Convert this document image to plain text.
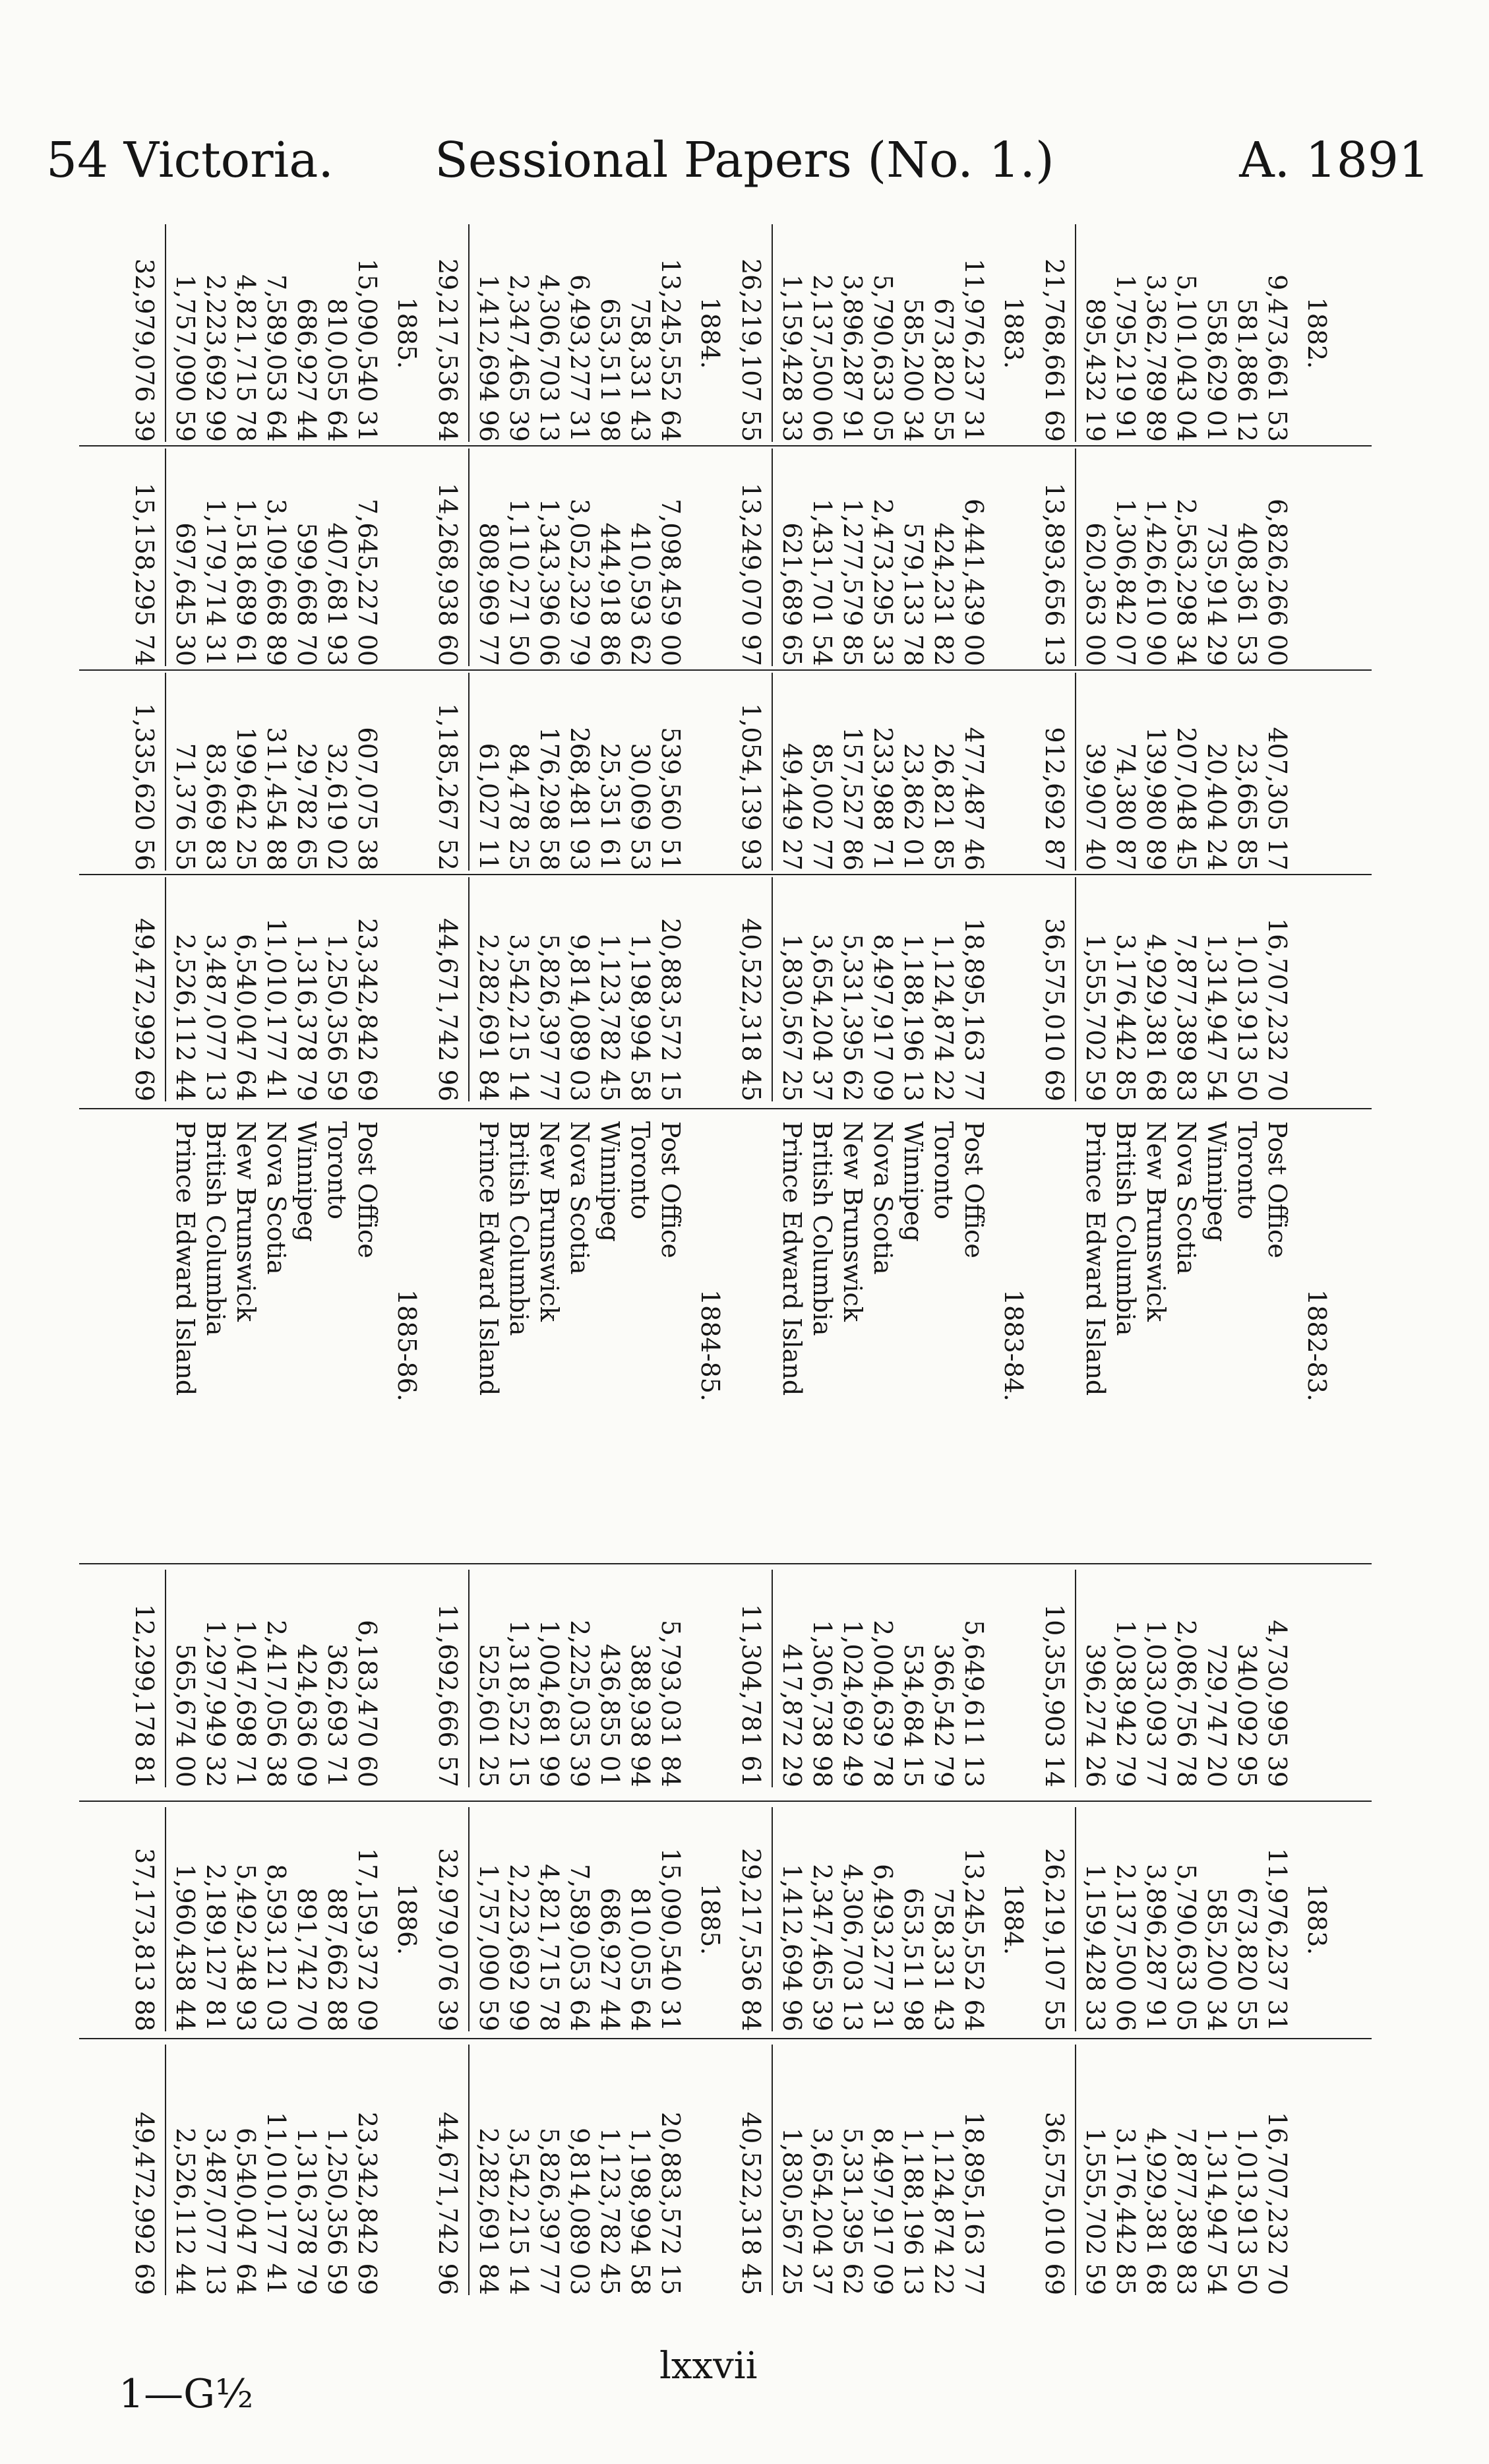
54 Victoria.	Sessional Papers (No. 1.)	A. 1891
1882.
9,473,661 53
581,886 12
558,629 01
5,101,043 04
3,362,789 89
1,795,219 91
895,432 19
21,768,661 69
6,826,266 00
408,361 53
735,914 29
2,563,298 34
1,426,610 90
1,306,842 07
620,363 00
13,893,656 13
407,305 17
23,665 85
20,404 24
207,048 45
139,980 89
74,380 87
39,907 40
912,692 87
16,707,232 70
1,013,913 50
1,314,947 54
7,877,389 83
4,929,381 68
3,176,442 85
1,555,702 59
36,575,010 69
1883.
11,976,237 31
673,820 55
585,200 34
5,790,633 05
3,896,287 91
2,137,500 06
1,159,428 33
26,219,107 55
6,441,439 00
424,231 82
579,133 78
2,473,295 33
1,277,579 85
1,431,701 54
621,689 65
13,249,070 97
477,487 46
26,821 85
23,862 01
233,988 71
157,527 86
85,002 77
49,449 27
1,054,139 93
18,895,163 77
1,124,874 22
1,188,196 13
8,497,917 09
5,331,395 62
3,654,204 37
1,830,567 25
40,522,318 45
1884.
13,245,552 64
758,331 43
653,511 98
6,493,277 31
4,306,703 13
2,347,465 39
1,412,694 96
29,217,536 84
7,098,459 00
410,593 62
444,918 86
3,052,329 79
1,343,396 06
1,110,271 50
808,969 77
14,268,938 60
539,560 51
30,069 53
25,351 61
268,481 93
176,298 58
84,478 25
61,027 11
1,185,267 52
20,883,572 15
1,198,994 58
1,123,782 45
9,814,089 03
5,826,397 77
3,542,215 14
2,282,691 84
44,671,742 96
1885.
15,090,540 31
810,055 64
686,927 44
7,589,053 64
4,821,715 78
2,223,692 99
1,757,090 59
32,979,076 39
7,645,227 00
407,681 93
599,668 70
3,109,668 89
1,518,689 61
1,179,714 31
697,645 30
15,158,295 74
607,075 38
32,619 02
29,782 65
311,454 88
199,642 25
83,669 83
71,376 55
1,335,620 56
23,342,842 69
1,250,356 59
1,316,378 79
11,010,177 41
6,540,047 64
3,487,077 13
2,526,112 44
49,472,992 69
1882-83.
1883.
Post Office
Toronto
Winnipeg
Nova Scotia
New Brunswick
British Columbia
Prince Edward Island
4,730,995 39
340,092 95
729,747 20
2,086,756 78
1,033,093 77
1,038,942 79
396,274 26
10,355,903 14
11,976,237 31
673,820 55
585,200 34
5,790,633 05
3,896,287 91
2,137,500 06
1,159,428 33
26,219,107 55
16,707,232 70
1,013,913 50
1,314,947 54
7,877,389 83
4,929,381 68
3,176,442 85
1,555,702 59
36,575,010 69
1883-84.
1884.
Post Office
Toronto
Winnipeg
Nova Scotia
New Brunswick
British Columbia
Prince Edward Island
5,649,611 13
366,542 79
534,684 15
2,004,639 78
1,024,692 49
1,306,738 98
417,872 29
11,304,781 61
13,245,552 64
758,331 43
653,511 98
6,493,277 31
4,306,703 13
2,347,465 39
1,412,694 96
29,217,536 84
18,895,163 77
1,124,874 22
1,188,196 13
8,497,917 09
5,331,395 62
3,654,204 37
1,830,567 25
40,522,318 45
1884-85.
1885.
Post Office
Toronto
Winnipeg
Nova Scotia
New Brunswick
British Columbia
Prince Edward Island
5,793,031 84
388,938 94
436,855 01
2,225,035 39
1,004,681 99
1,318,522 15
525,601 25
11,692,666 57
15,090,540 31
810,055 64
686,927 44
7,589,053 64
4,821,715 78
2,223,692 99
1,757,090 59
32,979,076 39
20,883,572 15
1,198,994 58
1,123,782 45
9,814,089 03
5,826,397 77
3,542,215 14
2,282,691 84
44,671,742 96
1885-86.
1886.
Post Office
Toronto
Winnipeg
Nova Scotia
New Brunswick
British Columbia
Prince Edward Island
6,183,470 60
362,693 71
424,636 09
2,417,056 38
1,047,698 71
1,297,949 32
565,674 00
12,299,178 81
17,159,372 09
887,662 88
891,742 70
8,593,121 03
5,492,348 93
2,189,127 81
1,960,438 44
37,173,813 88
23,342,842 69
1,250,356 59
1,316,378 79
11,010,177 41
6,540,047 64
3,487,077 13
2,526,112 44
49,472,992 69
lxxvii
1—G½
